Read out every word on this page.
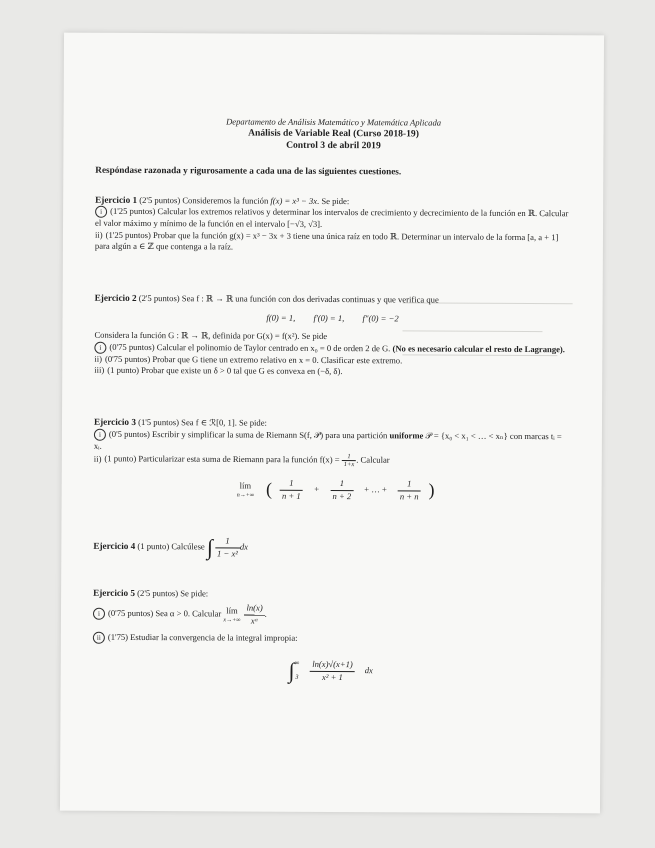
Departamento de Análisis Matemático y Matemática Aplicada
Análisis de Variable Real (Curso 2018-19)
Control 3 de abril 2019
Respóndase razonada y rigurosamente a cada una de las siguientes cuestiones.

Ejercicio 1 (2'5 puntos) Consideremos la función f(x) = x³ − 3x. Se pide:

i (1'25 puntos) Calcular los extremos relativos y determinar los intervalos de crecimiento y decrecimiento de la función en ℝ. Calcular el valor máximo y mínimo de la función en el intervalo [−√3, √3].

ii) (1'25 puntos) Probar que la función g(x) = x³ − 3x + 3 tiene una única raíz en todo ℝ. Determinar un intervalo de la forma [a, a + 1] para algún a ∈ ℤ que contenga a la raíz.

Ejercicio 2 (2'5 puntos) Sea f : ℝ → ℝ una función con dos derivadas continuas y que verifica que

f(0) = 1, f′(0) = 1, f″(0) = −2

Considera la función G : ℝ → ℝ, definida por G(x) = f(x²). Se pide

i (0'75 puntos) Calcular el polinomio de Taylor centrado en x₀ = 0 de orden 2 de G. (No es necesario calcular el resto de Lagrange).

ii) (0'75 puntos) Probar que G tiene un extremo relativo en x = 0. Clasificar este extremo.

iii) (1 punto) Probar que existe un δ > 0 tal que G es convexa en (−δ, δ).

Ejercicio 3 (1'5 puntos) Sea f ∈ ℛ[0, 1]. Se pide:

i (0'5 puntos) Escribir y simplificar la suma de Riemann S(f, 𝒫) para una partición uniforme 𝒫 = {x₀ < x₁ < … < xₙ} con marcas tᵢ = xᵢ.

ii) (1 punto) Particularizar esta suma de Riemann para la función $f(x) = \frac{1}{1+x}$ . Calcular

lím
n→+∞ ( $\frac{1}{n + 1} + \frac{1}{n + 2}$ + … + $\frac{1}{n + n}$ )

Ejercicio 4 (1 punto) Calcúlese ∫ $\frac{1}{\text{1 − x²}}$ dx

Ejercicio 5 (2'5 puntos) Se pide:

i (0'75 puntos) Sea α > 0. Calcular lím
$x\to+\infty \frac{\ln(x)}{\text{xᵅ}}$ .

ii (1'75) Estudiar la convergencia de la integral impropia:

∫ ∞
$3 \frac{\ln(x)√(x+1)}{\text{x² + 1}}$ dx
